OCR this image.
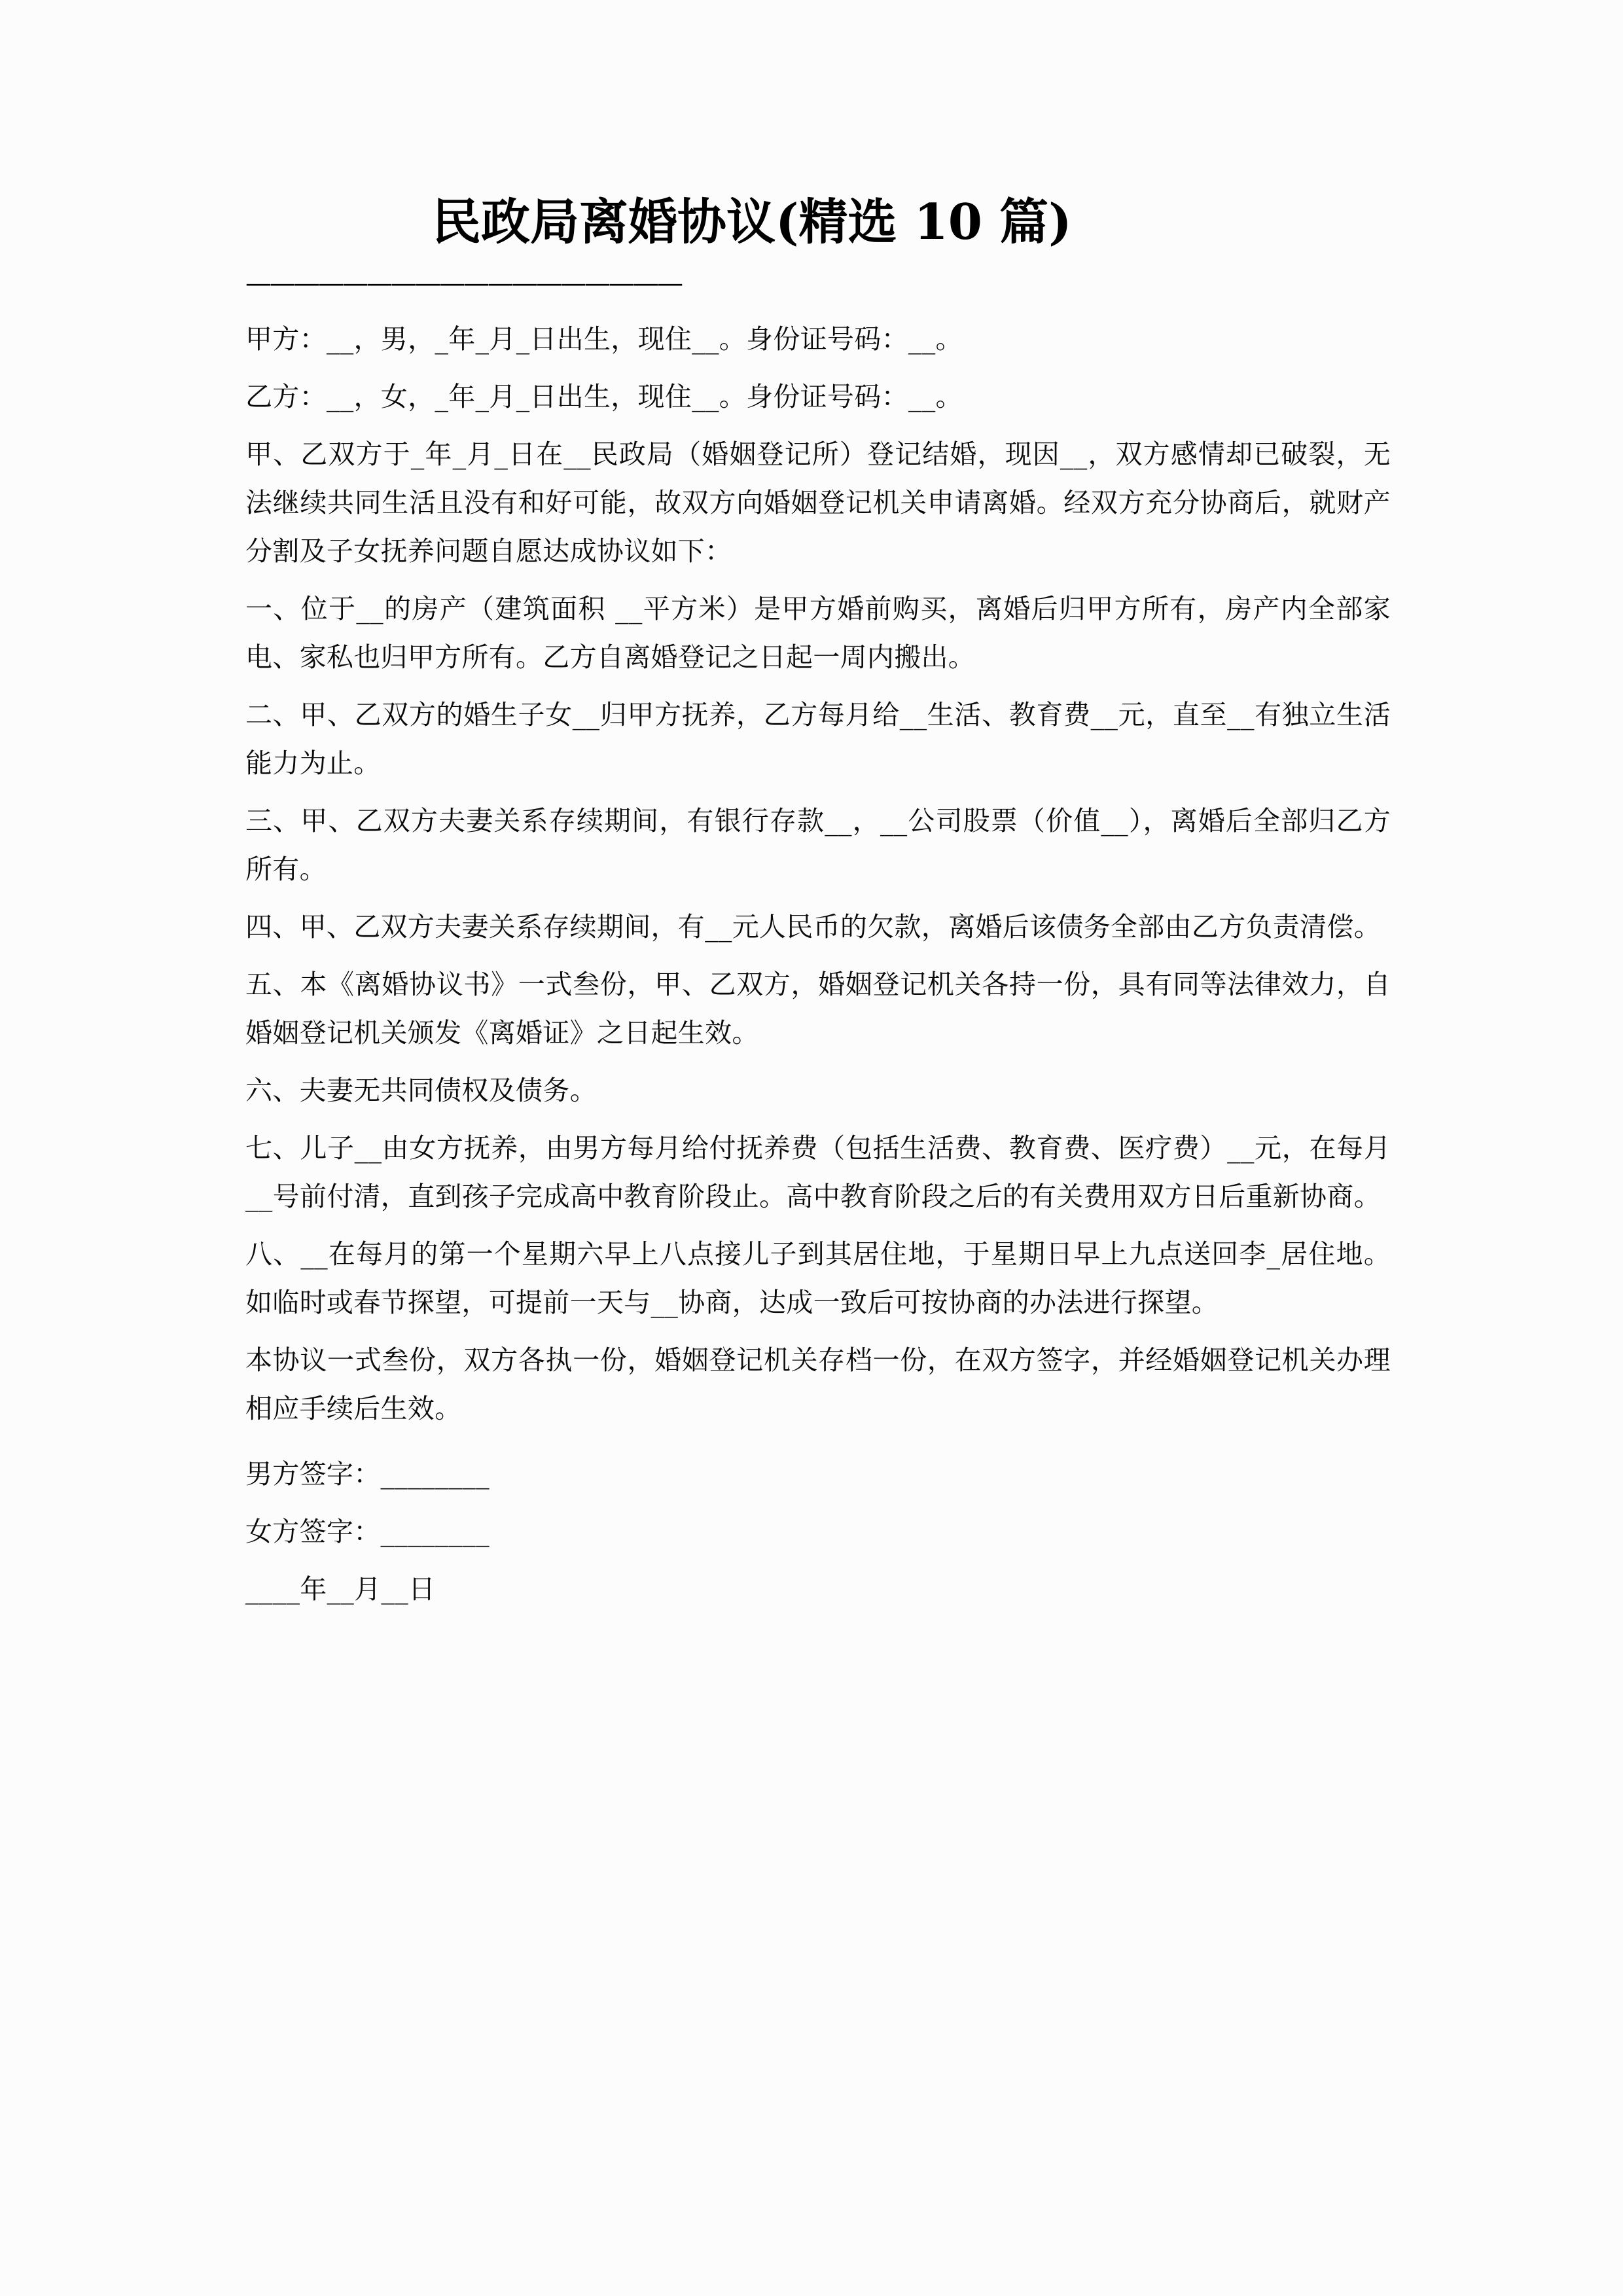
民政局离婚协议(精选 10 篇)
——————————————————

甲方：__，男，_年_月_日出生，现住__。身份证号码：__。

乙方：__，女，_年_月_日出生，现住__。身份证号码：__。

甲、乙双方于_年_月_日在__民政局（婚姻登记所）登记结婚，现因__，双方感情却已破裂，无法继续共同生活且没有和好可能，故双方向婚姻登记机关申请离婚。经双方充分协商后，就财产分割及子女抚养问题自愿达成协议如下：

一、位于__的房产（建筑面积 __平方米）是甲方婚前购买，离婚后归甲方所有，房产内全部家电、家私也归甲方所有。乙方自离婚登记之日起一周内搬出。

二、甲、乙双方的婚生子女__归甲方抚养，乙方每月给__生活、教育费__元，直至__有独立生活能力为止。

三、甲、乙双方夫妻关系存续期间，有银行存款__，__公司股票（价值__），离婚后全部归乙方所有。

四、甲、乙双方夫妻关系存续期间，有__元人民币的欠款，离婚后该债务全部由乙方负责清偿。

五、本《离婚协议书》一式叁份，甲、乙双方，婚姻登记机关各持一份，具有同等法律效力，自婚姻登记机关颁发《离婚证》之日起生效。

六、夫妻无共同债权及债务。

七、儿子__由女方抚养，由男方每月给付抚养费（包括生活费、教育费、医疗费）__元，在每月__号前付清，直到孩子完成高中教育阶段止。高中教育阶段之后的有关费用双方日后重新协商。

八、__在每月的第一个星期六早上八点接儿子到其居住地，于星期日早上九点送回李_居住地。如临时或春节探望，可提前一天与__协商，达成一致后可按协商的办法进行探望。

本协议一式叁份，双方各执一份，婚姻登记机关存档一份，在双方签字，并经婚姻登记机关办理相应手续后生效。

男方签字：________

女方签字：________

____年__月__日
